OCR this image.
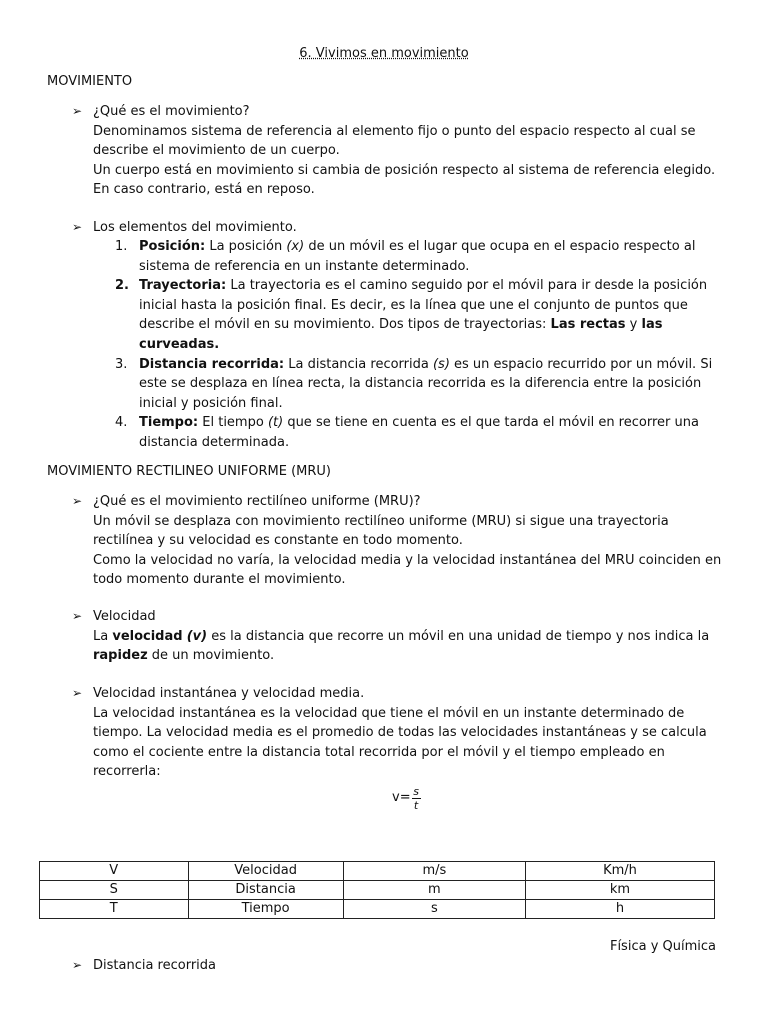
6. Vivimos en movimiento
MOVIMIENTO
➢ ¿Qué es el movimiento?
Denominamos sistema de referencia al elemento fijo o punto del espacio respecto al cual se
describe el movimiento de un cuerpo.
Un cuerpo está en movimiento si cambia de posición respecto al sistema de referencia elegido.
En caso contrario, está en reposo.
➢ Los elementos del movimiento.
1. Posición: La posición (x) de un móvil es el lugar que ocupa en el espacio respecto al
sistema de referencia en un instante determinado.
2. Trayectoria: La trayectoria es el camino seguido por el móvil para ir desde la posición
inicial hasta la posición final. Es decir, es la línea que une el conjunto de puntos que
describe el móvil en su movimiento. Dos tipos de trayectorias: Las rectas y las
curveadas.
3. Distancia recorrida: La distancia recorrida (s) es un espacio recurrido por un móvil. Si
este se desplaza en línea recta, la distancia recorrida es la diferencia entre la posición
inicial y posición final.
4. Tiempo: El tiempo (t) que se tiene en cuenta es el que tarda el móvil en recorrer una
distancia determinada.
MOVIMIENTO RECTILINEO UNIFORME (MRU)
➢ ¿Qué es el movimiento rectilíneo uniforme (MRU)?
Un móvil se desplaza con movimiento rectilíneo uniforme (MRU) si sigue una trayectoria
rectilínea y su velocidad es constante en todo momento.
Como la velocidad no varía, la velocidad media y la velocidad instantánea del MRU coinciden en
todo momento durante el movimiento.
➢ Velocidad
La velocidad (v) es la distancia que recorre un móvil en una unidad de tiempo y nos indica la
rapidez de un movimiento.
➢ Velocidad instantánea y velocidad media.
La velocidad instantánea es la velocidad que tiene el móvil en un instante determinado de
tiempo. La velocidad media es el promedio de todas las velocidades instantáneas y se calcula
como el cociente entre la distancia total recorrida por el móvil y el tiempo empleado en
recorrerla:
$v= \frac{s}{t}$
V	Velocidad	m/s	Km/h
S	Distancia	m	km
T	Tiempo	s	h
Física y Química
➢ Distancia recorrida
